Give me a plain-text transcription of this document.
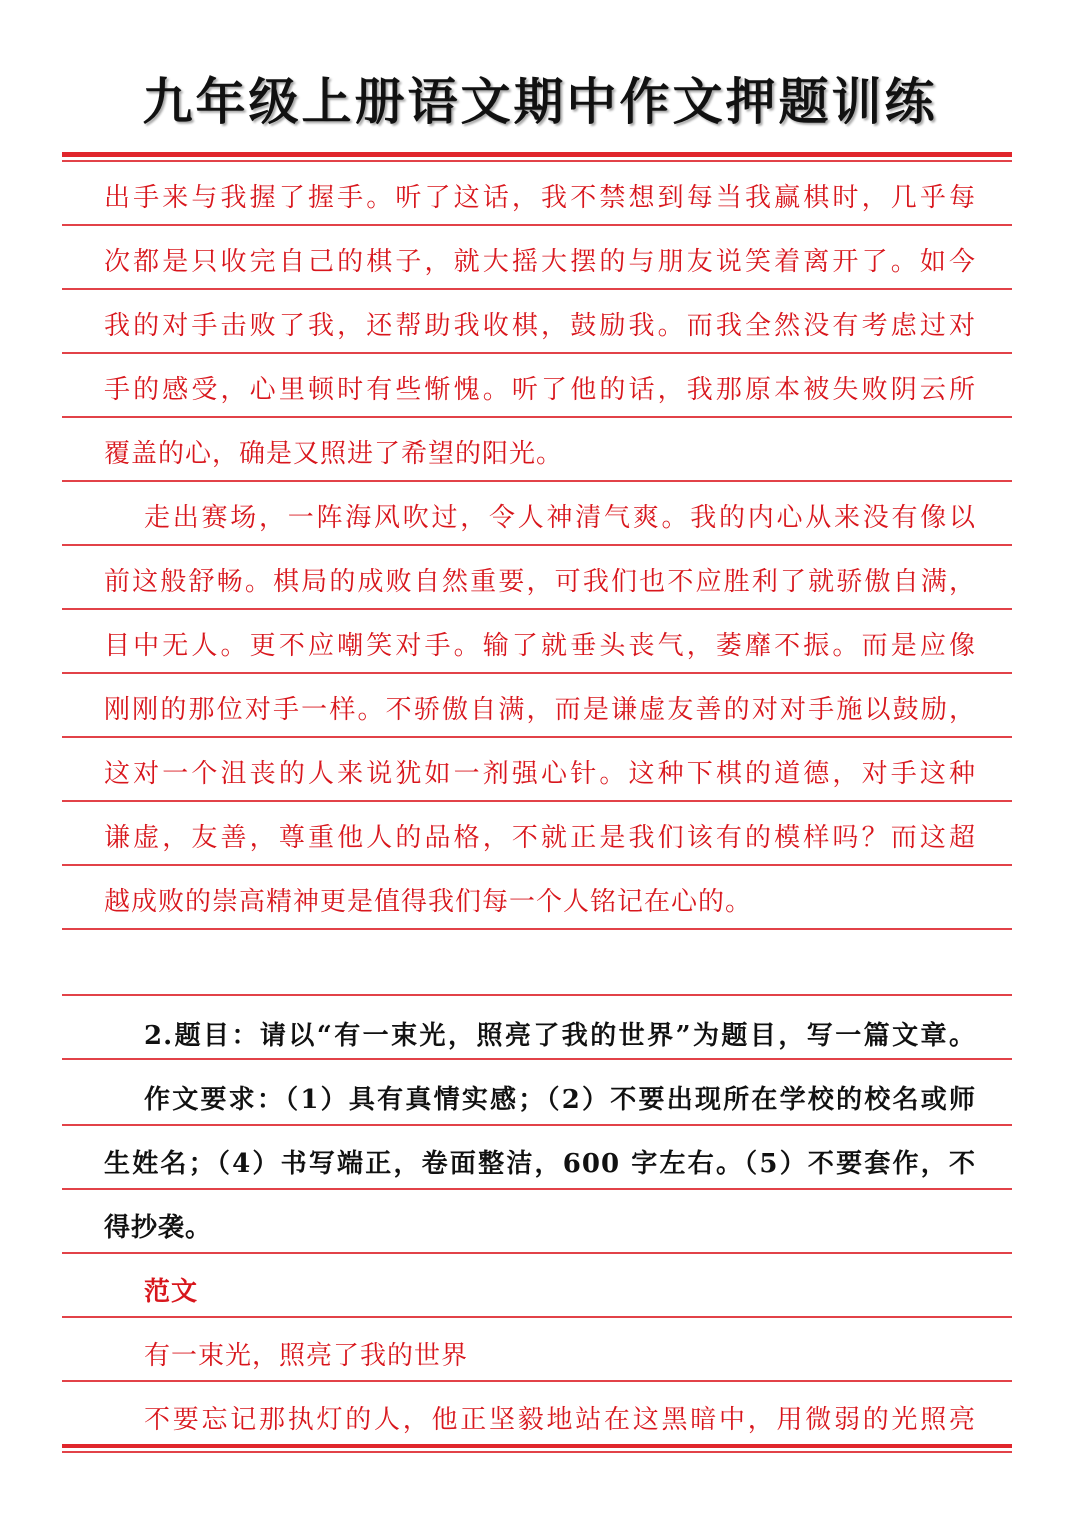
九年级上册语文期中作文押题训练
出手来与我握了握手。听了这话，我不禁想到每当我赢棋时，几乎每
次都是只收完自己的棋子，就大摇大摆的与朋友说笑着离开了。如今
我的对手击败了我，还帮助我收棋，鼓励我。而我全然没有考虑过对
手的感受，心里顿时有些惭愧。听了他的话，我那原本被失败阴云所
覆盖的心，确是又照进了希望的阳光。
走出赛场，一阵海风吹过，令人神清气爽。我的内心从来没有像以
前这般舒畅。棋局的成败自然重要，可我们也不应胜利了就骄傲自满，
目中无人。更不应嘲笑对手。输了就垂头丧气，萎靡不振。而是应像
刚刚的那位对手一样。不骄傲自满，而是谦虚友善的对对手施以鼓励，
这对一个沮丧的人来说犹如一剂强心针。这种下棋的道德，对手这种
谦虚，友善，尊重他人的品格，不就正是我们该有的模样吗？而这超
越成败的崇高精神更是值得我们每一个人铭记在心的。
2.题目：请以“有一束光，照亮了我的世界”为题目，写一篇文章。
作文要求：（1）具有真情实感；（2）不要出现所在学校的校名或师
生姓名；（4）书写端正，卷面整洁，600 字左右。（5）不要套作，不
得抄袭。
范文
有一束光，照亮了我的世界
不要忘记那执灯的人，他正坚毅地站在这黑暗中，用微弱的光照亮
